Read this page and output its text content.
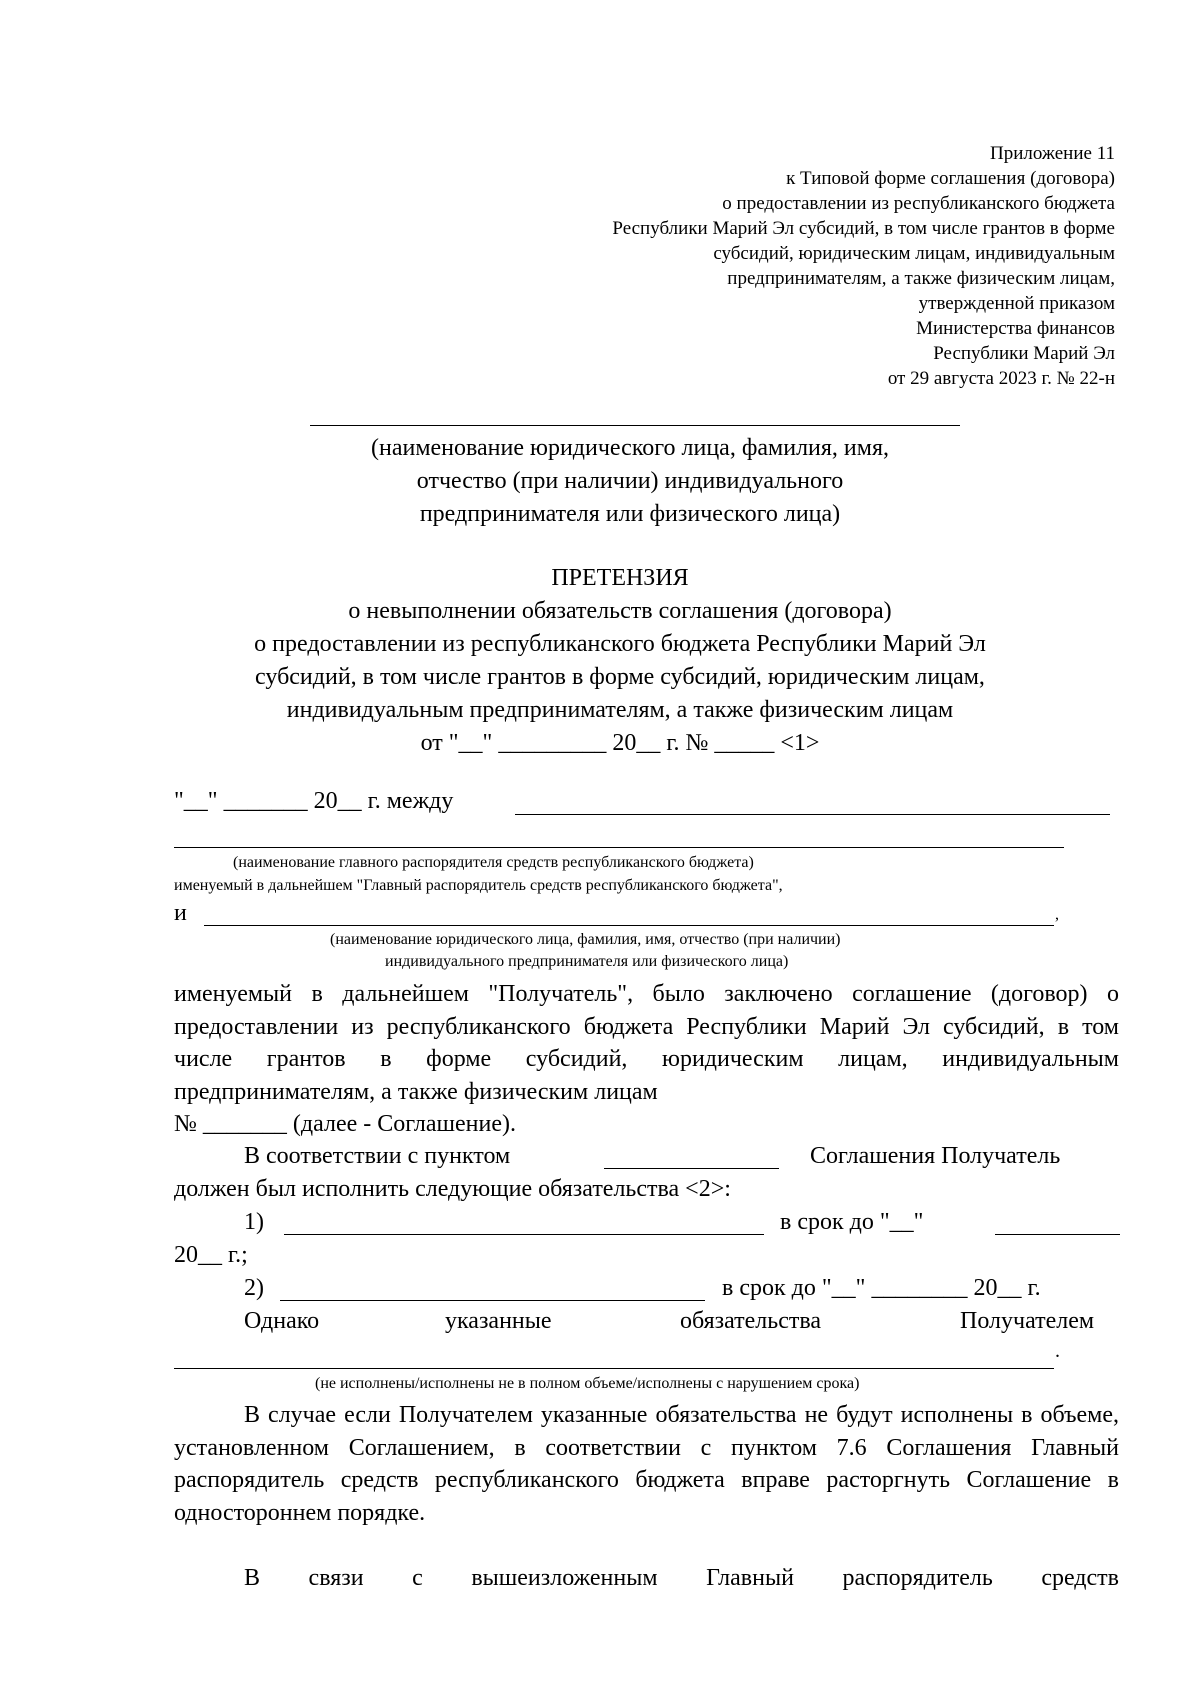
Приложение 11
к Типовой форме соглашения (договора)
о предоставлении из республиканского бюджета
Республики Марий Эл субсидий, в том числе грантов в форме
субсидий, юридическим лицам, индивидуальным
предпринимателям, а также физическим лицам,
утвержденной приказом
Министерства финансов
Республики Марий Эл
от 29 августа 2023 г. № 22-н
(наименование юридического лица, фамилия, имя,
отчество (при наличии) индивидуального
предпринимателя или физического лица)
ПРЕТЕНЗИЯ
о невыполнении обязательств соглашения (договора)
о предоставлении из республиканского бюджета Республики Марий Эл
субсидий, в том числе грантов в форме субсидий, юридическим лицам,
индивидуальным предпринимателям, а также физическим лицам
от "__" _________ 20__ г. № _____ <1>
"__" _______ 20__ г. между
(наименование главного распорядителя средств республиканского бюджета)
именуемый в дальнейшем "Главный распорядитель средств республиканского бюджета",
и	,
(наименование юридического лица, фамилия, имя, отчество (при наличии)
индивидуального предпринимателя или физического лица)
именуемый в дальнейшем "Получатель", было заключено соглашение (договор) о предоставлении из республиканского бюджета Республики Марий Эл субсидий, в том числе грантов в форме субсидий, юридическим лицам, индивидуальным предпринимателям, а также физическим лицам
№ _______ (далее - Соглашение).
В соответствии с пунктом	Соглашения Получатель
должен был исполнить следующие обязательства <2>:
1)	в срок до "__"
20__ г.;
2)	в срок до "__" ________ 20__ г.
Однако	указанные	обязательства	Получателем
.
(не исполнены/исполнены не в полном объеме/исполнены с нарушением срока)
В случае если Получателем указанные обязательства не будут исполнены в объеме, установленном Соглашением, в соответствии с пунктом 7.6 Соглашения Главный распорядитель средств республиканского бюджета вправе расторгнуть Соглашение в одностороннем порядке.
В связи с вышеизложенным Главный распорядитель средств
